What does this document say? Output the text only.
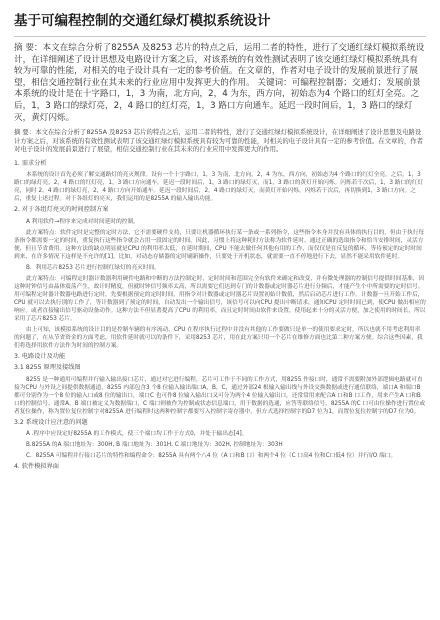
基于可编程控制的交通红绿灯模拟系统设计

摘 要：本文在综合分析了8255A 及8253 芯片的特点之后，运用二者的特性，进行了交通红绿灯模拟系统设计，在详细阐述了设计思想及电路设计方案之后，对该系统的有效性测试表明了该交通红绿灯模拟系统具有较为可靠的性能，对相关的电子设计具有一定的参考价值。在文章的，作者对电子设计的发展前景进行了展望，相信交通控制行业在其未来的行业应用中发挥更大的作用。 关键词：可编程控制器；交通灯；发展前景 本系统的设计是在十字路口，1，3 为南，北方向，2，4 为东，西方向，初始态为4 个路口的红灯全亮。之后，1，3 路口的绿灯亮，2，4 路口的红灯亮，1，3 路口方向通车。延迟一段时间后，1，3 路口的绿灯灭，黄灯闪烁。

摘 要：本文在综合分析了8255A 及8253 芯片的特点之后，运用二者的特性，进行了交通红绿灯模拟系统设计，在详细阐述了设计思想及电路设计方案之后，对该系统的有效性测试表明了该交通红绿灯模拟系统具有较为可靠的性能，对相关的电子设计具有一定的参考价值。在文章的，作者对电子设计的发展前景进行了展望，相信交通控制行业在其未来的行业应用中发挥更大的作用。

1. 需求分析

本系统的设计首先必须了解交通路灯的亮灭规律。设有一个十字路口，1，3 为南，北方向，2，4 为东，西方向，初始态为4 个路口的红灯全亮。之后，1，3 路口的绿灯亮，2，4 路口的红灯亮，1，3 路口方向通车。延迟一段时间后，1，3 路口的绿灯灭，而1，3 路口的黄灯开始闪烁。闪烁若干次后，1，3 路口的红灯亮，同时 2，4 路口的绿灯亮，2，4 路口方向开始通车。延迟一段时间后，2，4 路口的绿灯灭，而黄灯开始闪烁。闪烁若干次后，再切换到1，3 路口方向。之后，重复上述过程。对于各组灯的亮灭，我们运用的是8255A 的输入输出功能。

2. 对于各组灯亮灭的时间控制方案

A 利用软件→程序来完成对时间延时的控制。

此方案特点：软件定时是完整的定时方法，它不需要硬件支持，只要让机器循环执行某一条或一系列指令，这些指令本身并没有具体的执行目的，但由于执行每条指令都需要一定的时间，重复执行这些指令就会占用一段固定的时间。因此，习惯上将这种耗时方法称为软件延时。通过正确的选取指令和恰当安排时间，灵活方便，但且节省费用。这种方法的缺点明显就是CPU 的利用率太低，在延时期间，CPU 不能去做任何其他有用的工作，而仅仅是在反复的循环，等待预定的定时时间到来，在许多情况下这样是不允许的[1]。比如，对动态存储器的定时刷新操作，只要处于开机状态，就需要一直不停地进行下去，显然不能采用软件延时。

B．利用芯片8253 芯片进行控制红绿灯的亮灭时间。

此方案特点：可编程定时器计数器利用硬件电路和中断的方法控制定时，定时时间和范围完全有软件来确定和改变，并有微处理器的控制信号提供时间基准，因这种时钟信号由晶体震荡产生，故计时精度，但就时钟信号频率太高，所以需要它们达到专门的计数器或定时器芯片进行分频后，才能产生个中所需要的定时信号。用可编程定时器计数器电路进行定时，先要根据预定的定时时间，用指令对计数器或定时器芯片设置初始计数值，然后启动芯片进行工作。计数器一旦开始工作后，CPU 就可以去执行别的工作了，等计数器到了预定的时间，自动发出一个输出信号，该信号可以向CPU 提出中断请求，通知CPU 定时时间已到，使CPU 做出相应的响应。或者直接输出信号驱动设备动作。这种方法不但显著提高了CPU 的利用率，而且定时时间由软件来设置，使用起来十分的灵活方便，加之使用的时间长，所以采用了芯片8253 芯片。

由上可知，该模拟系统的设计目的是控制车辆的有序流动，CPU 在程序执行过程中并没有其他的工作要做只是单一的使用要求定时，所以也就不用考虑利用率的问题了，在从节省资金的方面考虑，用软件延时就可以的条件下，采用8253 芯片，用在此方案只用一个芯片在维修方面也比第二种方案方便。综合这些因素，我们将选择用软件方法作为时间的控制方案。

3. 电路设计及功能
3.1 8255 原理及接线图

8255 是一种通用可编程并行输入输出接口芯片，通过对它进行编程，芯片可工作于不同的工作方式，用8255 作接口时，通常不需要附加外部逻辑电路就可直接为CPU 与外设之间提供数据通道，8255 内部包含3 个8 位输入输出端口A，B，C，通过外部24 根输入输出线与外设交换数据或进行通信联络，端口A 和端口B 都可分别作为一个8 位的输入口或8 位的输出口，端口C 也可作8 位输入输出口又可分为两个4 位输入输出口，还常常用来配合A 口和B 口工作，用来产生A 口和B 口的控制信号，通常A，B 端口被定义为数据端口，C 端口则被作为控制或状态信息端口，用于数据的选通，应答等联络信号，8255A 的C 口可由位操作进行置位或者复位操作，称为置位复位控制字对8255A 进行编程时这两种控制字都要写入控制字寄存器中，但方式选择控制字的D7 位为1，而置位复位控制字的D7 位为0。

3.2 系统设计应注意的问题

A .程序中应设定好8255A 的工作模式，使三个端口均工作于方式0，并处于输出态[4]。

B.8255A 的A 端口地址为：300H, B 端口地址为：301H, C 端口地址为：302H, 控制地址为：303H

C．8255A 可编程并行接口芯片的特性和编程命令：8255A 具有两个八4 位（A 口和B 口）和两个4 位（C 口高4 位和C口低4 位）并行I/O 端口。

4. 软件模拟界面
